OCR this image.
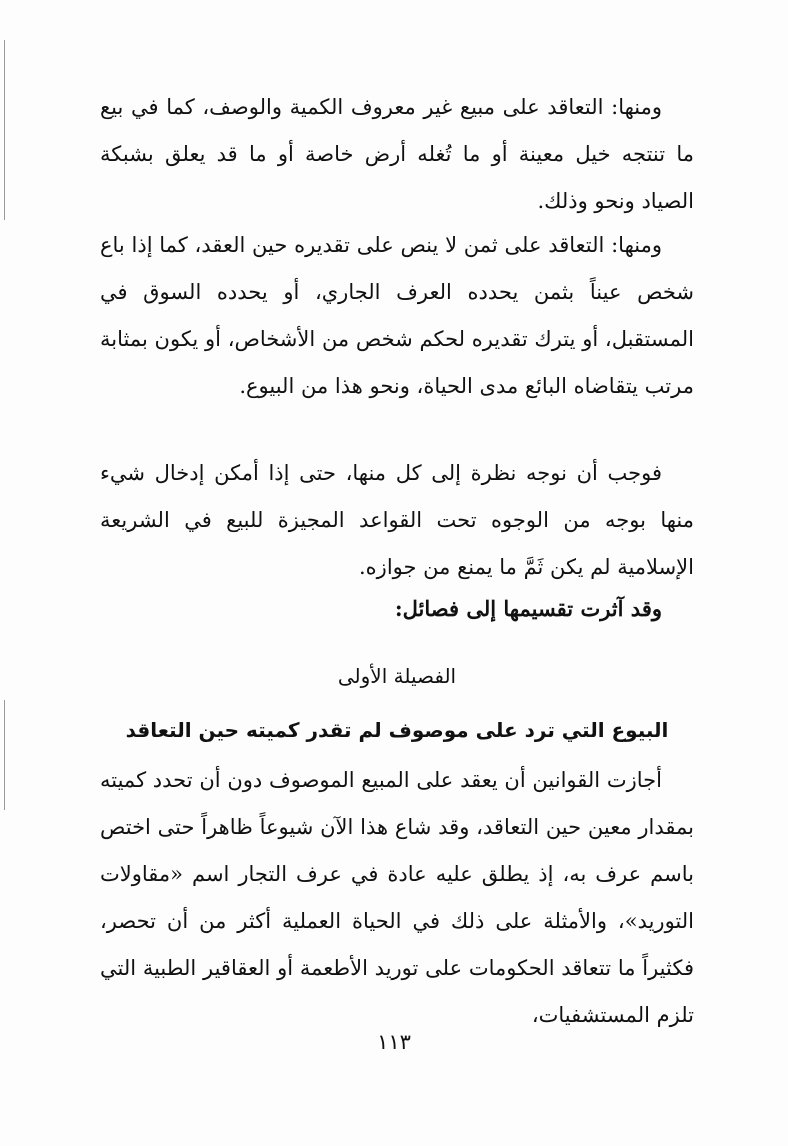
ومنها: التعاقد على مبيع غير معروف الكمية والوصف، كما في بيع ما تنتجه خيل معينة أو ما تُغله أرض خاصة أو ما قد يعلق بشبكة الصياد ونحو وذلك.

ومنها: التعاقد على ثمن لا ينص على تقديره حين العقد، كما إذا باع شخص عيناً بثمن يحدده العرف الجاري، أو يحدده السوق في المستقبل، أو يترك تقديره لحكم شخص من الأشخاص، أو يكون بمثابة مرتب يتقاضاه البائع مدى الحياة، ونحو هذا من البيوع.

فوجب أن نوجه نظرة إلى كل منها، حتى إذا أمكن إدخال شيء منها بوجه من الوجوه تحت القواعد المجيزة للبيع في الشريعة الإسلامية لم يكن ثَمَّ ما يمنع من جوازه.

وقد آثرت تقسيمها إلى فصائل:

الفصيلة الأولى
البيوع التي ترد على موصوف لم تقدر كميته حين التعاقد

أجازت القوانين أن يعقد على المبيع الموصوف دون أن تحدد كميته بمقدار معين حين التعاقد، وقد شاع هذا الآن شيوعاً ظاهراً حتى اختص باسم عرف به، إذ يطلق عليه عادة في عرف التجار اسم «مقاولات التوريد»، والأمثلة على ذلك في الحياة العملية أكثر من أن تحصر، فكثيراً ما تتعاقد الحكومات على توريد الأطعمة أو العقاقير الطبية التي تلزم المستشفيات،

١١٣
